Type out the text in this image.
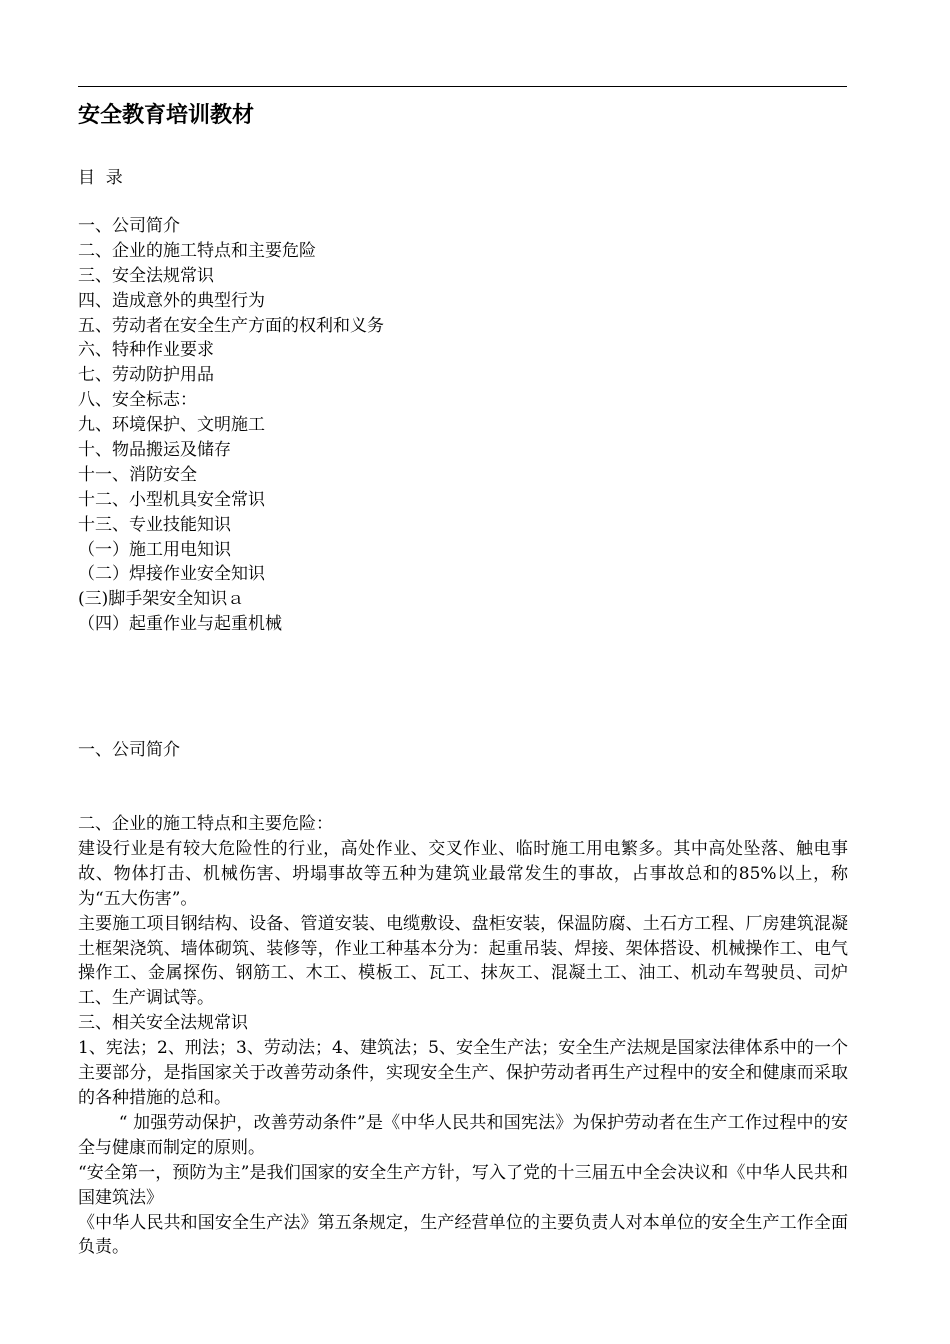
安全教育培训教材
目  录
一、公司简介
二、企业的施工特点和主要危险
三、安全法规常识
四、造成意外的典型行为
五、劳动者在安全生产方面的权利和义务
六、特种作业要求
七、劳动防护用品
八、安全标志：
九、环境保护、文明施工
十、物品搬运及储存
十一、消防安全
十二、小型机具安全常识
十三、专业技能知识
（一）施工用电知识
（二）焊接作业安全知识
(三)脚手架安全知识ａ
（四）起重作业与起重机械
一、公司简介

二、企业的施工特点和主要危险：

建设行业是有较大危险性的行业，高处作业、交叉作业、临时施工用电繁多。其中高处坠落、触电事故、物体打击、机械伤害、坍塌事故等五种为建筑业最常发生的事故，占事故总和的85%以上，称为“五大伤害”。

主要施工项目钢结构、设备、管道安装、电缆敷设、盘柜安装，保温防腐、土石方工程、厂房建筑混凝土框架浇筑、墙体砌筑、装修等，作业工种基本分为：起重吊装、焊接、架体搭设、机械操作工、电气操作工、金属探伤、钢筋工、木工、模板工、瓦工、抹灰工、混凝土工、油工、机动车驾驶员、司炉工、生产调试等。

三、相关安全法规常识

1、宪法；2、刑法；3、劳动法；4、建筑法；5、安全生产法；安全生产法规是国家法律体系中的一个主要部分，是指国家关于改善劳动条件，实现安全生产、保护劳动者再生产过程中的安全和健康而采取的各种措施的总和。

“ 加强劳动保护，改善劳动条件”是《中华人民共和国宪法》为保护劳动者在生产工作过程中的安全与健康而制定的原则。

“安全第一，预防为主”是我们国家的安全生产方针，写入了党的十三届五中全会决议和《中华人民共和国建筑法》

《中华人民共和国安全生产法》第五条规定，生产经营单位的主要负责人对本单位的安全生产工作全面负责。
